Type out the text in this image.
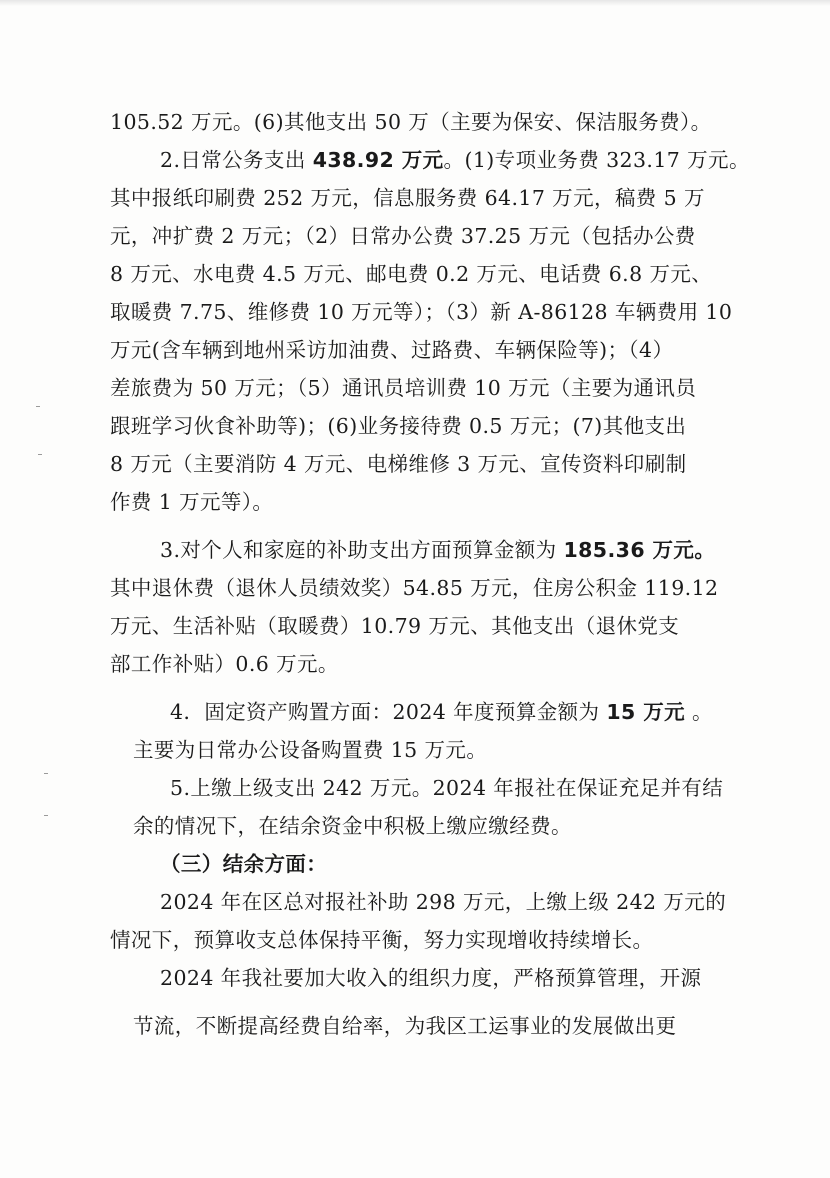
105.52 万元。(6)其他支出 50 万（主要为保安、保洁服务费）。
2.日常公务支出 438.92 万元。(1)专项业务费 323.17 万元。
其中报纸印刷费 252 万元，信息服务费 64.17 万元，稿费 5 万
元，冲扩费 2 万元；（2）日常办公费 37.25 万元（包括办公费
8 万元、水电费 4.5 万元、邮电费 0.2 万元、电话费 6.8 万元、
取暖费 7.75、维修费 10 万元等）；（3）新 A-86128 车辆费用 10
万元(含车辆到地州采访加油费、过路费、车辆保险等)；（4）
差旅费为 50 万元；（5）通讯员培训费 10 万元（主要为通讯员
跟班学习伙食补助等)；(6)业务接待费 0.5 万元；(7)其他支出
8 万元（主要消防 4 万元、电梯维修 3 万元、宣传资料印刷制
作费 1 万元等）。
3.对个人和家庭的补助支出方面预算金额为 185.36 万元。
其中退休费（退休人员绩效奖）54.85 万元，住房公积金 119.12
万元、生活补贴（取暖费）10.79 万元、其他支出（退休党支
部工作补贴）0.6 万元。
4．固定资产购置方面：2024 年度预算金额为 15 万元 。
主要为日常办公设备购置费 15 万元。
5.上缴上级支出 242 万元。2024 年报社在保证充足并有结
余的情况下，在结余资金中积极上缴应缴经费。
（三）结余方面：
2024 年在区总对报社补助 298 万元，上缴上级 242 万元的
情况下，预算收支总体保持平衡，努力实现增收持续增长。
2024 年我社要加大收入的组织力度，严格预算管理，开源
节流，不断提高经费自给率，为我区工运事业的发展做出更
